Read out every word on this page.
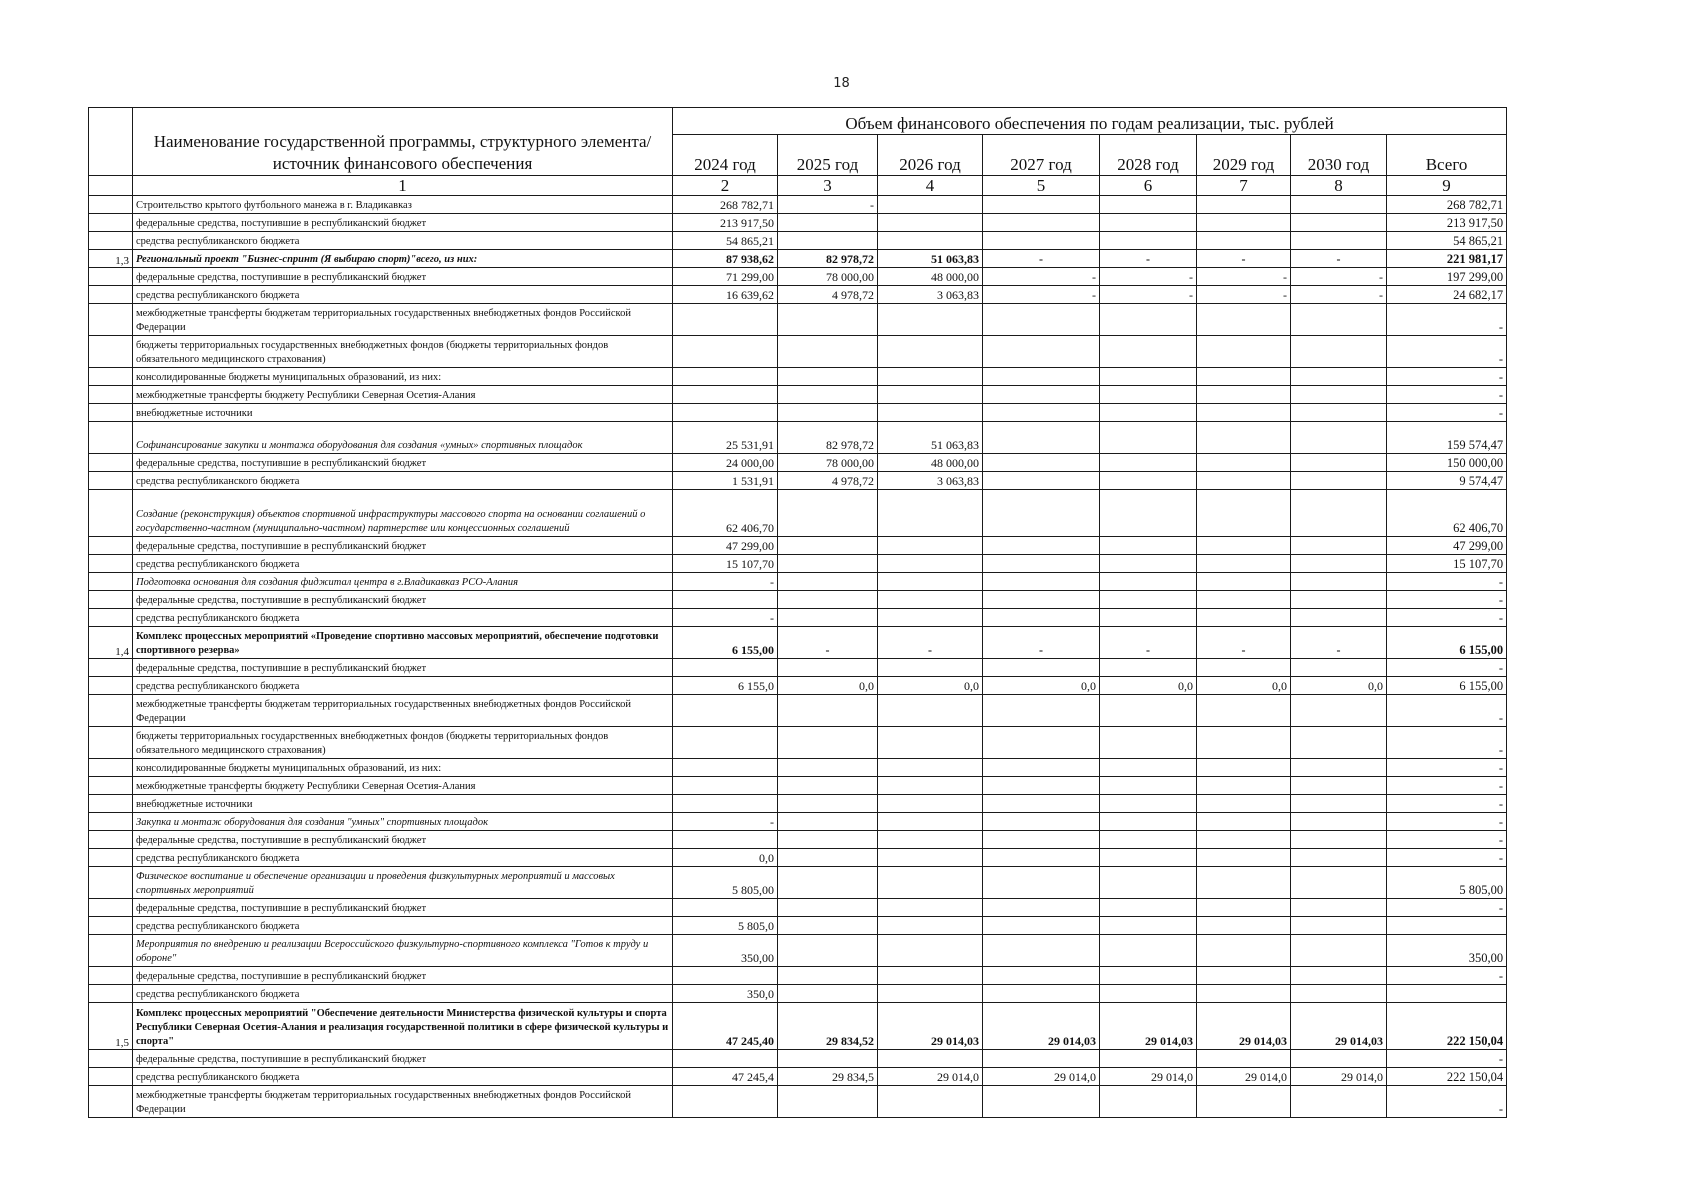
18
	Наименование государственной программы, структурного элемента/источник финансового обеспечения	Объем финансового обеспечения по годам реализации, тыс. рублей							
		2024 год	2025 год	2026 год	2027 год	2028 год	2029 год	2030 год	Всего
	1	2	3	4	5	6	7	8	9
	Строительство крытого футбольного манежа в г. Владикавказ	268 782,71	-						268 782,71
	федеральные средства, поступившие в республиканский бюджет	213 917,50							213 917,50
	средства республиканского бюджета	54 865,21							54 865,21
1,3	Региональный проект "Бизнес-спринт (Я выбираю спорт)"всего, из них:	87 938,62	82 978,72	51 063,83	-	-	-	-	221 981,17
	федеральные средства, поступившие в республиканский бюджет	71 299,00	78 000,00	48 000,00	-	-	-	-	197 299,00
	средства республиканского бюджета	16 639,62	4 978,72	3 063,83	-	-	-	-	24 682,17
	межбюджетные трансферты бюджетам территориальных государственных внебюджетных фондов Российской Федерации								-
	бюджеты территориальных государственных внебюджетных фондов (бюджеты территориальных фондов обязательного медицинского страхования)								-
	консолидированные бюджеты муниципальных образований, из них:								-
	межбюджетные трансферты бюджету Республики Северная Осетия-Алания								-
	внебюджетные источники								-
	Софинансирование закупки и монтажа оборудования для создания «умных» спортивных площадок	25 531,91	82 978,72	51 063,83					159 574,47
	федеральные средства, поступившие в республиканский бюджет	24 000,00	78 000,00	48 000,00					150 000,00
	средства республиканского бюджета	1 531,91	4 978,72	3 063,83					9 574,47
	Создание (реконструкция) объектов спортивной инфраструктуры массового спорта на основании соглашений о государственно-частном (муниципально-частном) партнерстве или концессионных соглашений	62 406,70							62 406,70
	федеральные средства, поступившие в республиканский бюджет	47 299,00							47 299,00
	средства республиканского бюджета	15 107,70							15 107,70
	Подготовка основания для создания фиджитал центра в г.Владикавказ РСО-Алания	-							-
	федеральные средства, поступившие в республиканский бюджет								-
	средства республиканского бюджета	-							-
1,4	Комплекс процессных мероприятий «Проведение спортивно массовых мероприятий, обеспечение подготовки спортивного резерва»	6 155,00	-	-	-	-	-	-	6 155,00
	федеральные средства, поступившие в республиканский бюджет								-
	средства республиканского бюджета	6 155,0	0,0	0,0	0,0	0,0	0,0	0,0	6 155,00
	межбюджетные трансферты бюджетам территориальных государственных внебюджетных фондов Российской Федерации								-
	бюджеты территориальных государственных внебюджетных фондов (бюджеты территориальных фондов обязательного медицинского страхования)								-
	консолидированные бюджеты муниципальных образований, из них:								-
	межбюджетные трансферты бюджету Республики Северная Осетия-Алания								-
	внебюджетные источники								-
	Закупка и монтаж оборудования для создания "умных" спортивных площадок	-							-
	федеральные средства, поступившие в республиканский бюджет								-
	средства республиканского бюджета	0,0							-
	Физическое воспитание и обеспечение организации и проведения физкультурных мероприятий и массовых спортивных мероприятий	5 805,00							5 805,00
	федеральные средства, поступившие в республиканский бюджет								-
	средства республиканского бюджета	5 805,0							
	Мероприятия по внедрению и реализации Всероссийского физкультурно-спортивного комплекса "Готов к труду и обороне"	350,00							350,00
	федеральные средства, поступившие в республиканский бюджет								-
	средства республиканского бюджета	350,0							
1,5	Комплекс процессных мероприятий "Обеспечение деятельности Министерства физической культуры и спорта Республики Северная Осетия-Алания и реализация государственной политики в сфере физической культуры и спорта"	47 245,40	29 834,52	29 014,03	29 014,03	29 014,03	29 014,03	29 014,03	222 150,04
	федеральные средства, поступившие в республиканский бюджет								-
	средства республиканского бюджета	47 245,4	29 834,5	29 014,0	29 014,0	29 014,0	29 014,0	29 014,0	222 150,04
	межбюджетные трансферты бюджетам территориальных государственных внебюджетных фондов Российской Федерации								-
